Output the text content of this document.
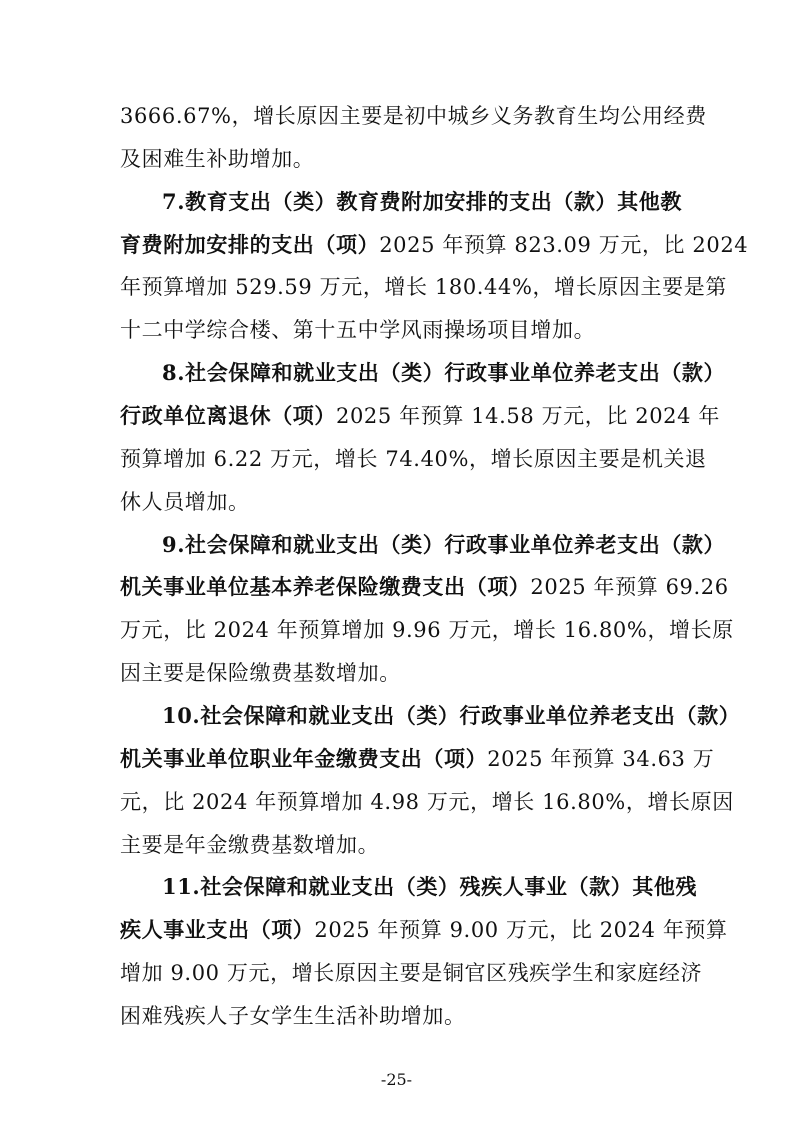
3666.67%，增长原因主要是初中城乡义务教育生均公用经费
及困难生补助增加。
7.教育支出（类）教育费附加安排的支出（款）其他教
育费附加安排的支出（项）2025 年预算 823.09 万元，比 2024
年预算增加 529.59 万元，增长 180.44%，增长原因主要是第
十二中学综合楼、第十五中学风雨操场项目增加。
8.社会保障和就业支出（类）行政事业单位养老支出（款）
行政单位离退休（项）2025 年预算 14.58 万元，比 2024 年
预算增加 6.22 万元，增长 74.40%，增长原因主要是机关退
休人员增加。
9.社会保障和就业支出（类）行政事业单位养老支出（款）
机关事业单位基本养老保险缴费支出（项）2025 年预算 69.26
万元，比 2024 年预算增加 9.96 万元，增长 16.80%，增长原
因主要是保险缴费基数增加。
10.社会保障和就业支出（类）行政事业单位养老支出（款）
机关事业单位职业年金缴费支出（项）2025 年预算 34.63 万
元，比 2024 年预算增加 4.98 万元，增长 16.80%，增长原因
主要是年金缴费基数增加。
11.社会保障和就业支出（类）残疾人事业（款）其他残
疾人事业支出（项）2025 年预算 9.00 万元，比 2024 年预算
增加 9.00 万元，增长原因主要是铜官区残疾学生和家庭经济
困难残疾人子女学生生活补助增加。
-25-
